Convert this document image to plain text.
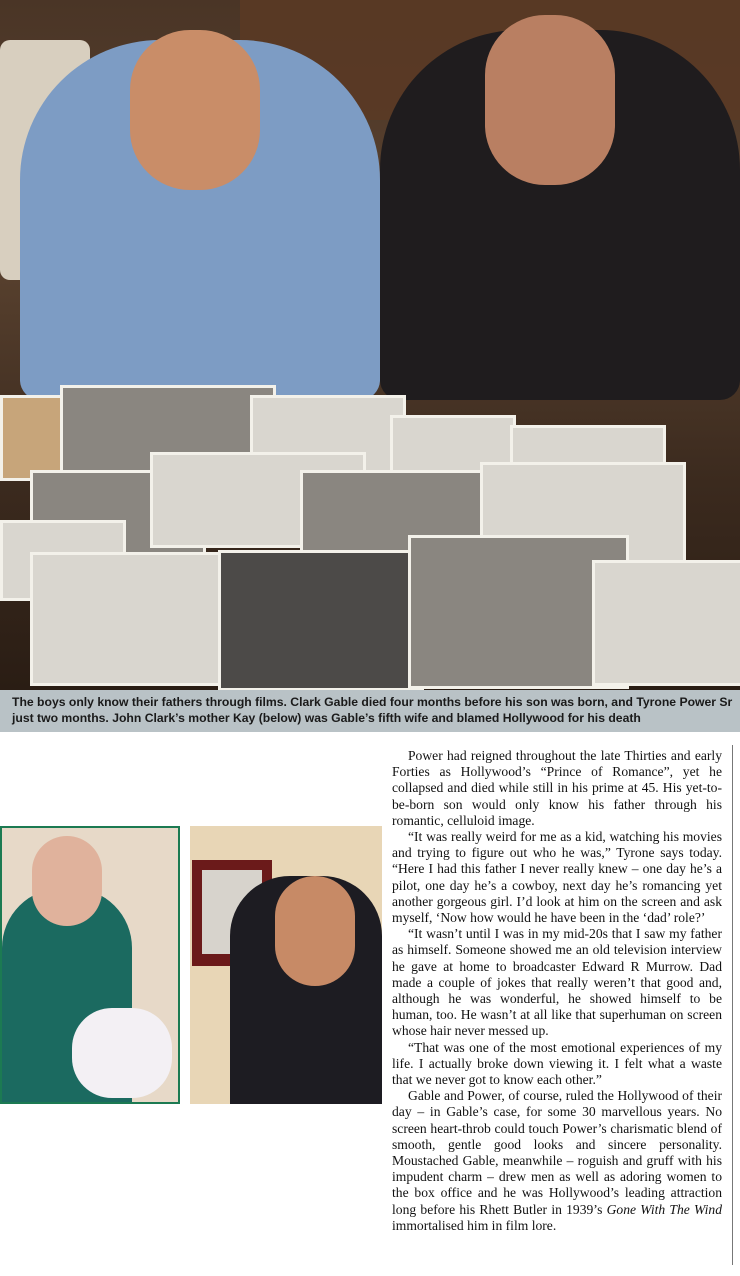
The boys only know their fathers through films. Clark Gable died four months before his son was born, and Tyrone Power Sr just two months. John Clark’s mother Kay (below) was Gable’s fifth wife and blamed Hollywood for his death

Power had reigned throughout the late Thirties and early Forties as Hollywood’s “Prince of Romance”, yet he collapsed and died while still in his prime at 45. His yet-to-be-born son would only know his father through his romantic, celluloid image.

“It was really weird for me as a kid, watching his movies and trying to figure out who he was,” Tyrone says today. “Here I had this father I never really knew – one day he’s a pilot, one day he’s a cowboy, next day he’s romancing yet another gorgeous girl. I’d look at him on the screen and ask myself, ‘Now how would he have been in the ‘dad’ role?’

“It wasn’t until I was in my mid-20s that I saw my father as himself. Someone showed me an old television interview he gave at home to broadcaster Edward R Murrow. Dad made a couple of jokes that really weren’t that good and, although he was wonderful, he showed himself to be human, too. He wasn’t at all like that superhuman on screen whose hair never messed up.

“That was one of the most emotional experiences of my life. I actually broke down viewing it. I felt what a waste that we never got to know each other.”

Gable and Power, of course, ruled the Hollywood of their day – in Gable’s case, for some 30 marvellous years. No screen heart-throb could touch Power’s charismatic blend of smooth, gentle good looks and sincere personality. Moustached Gable, meanwhile – roguish and gruff with his impudent charm – drew men as well as adoring women to the box office and he was Hollywood’s leading attraction long before his Rhett Butler in 1939’s Gone With The Wind immortalised him in film lore.
